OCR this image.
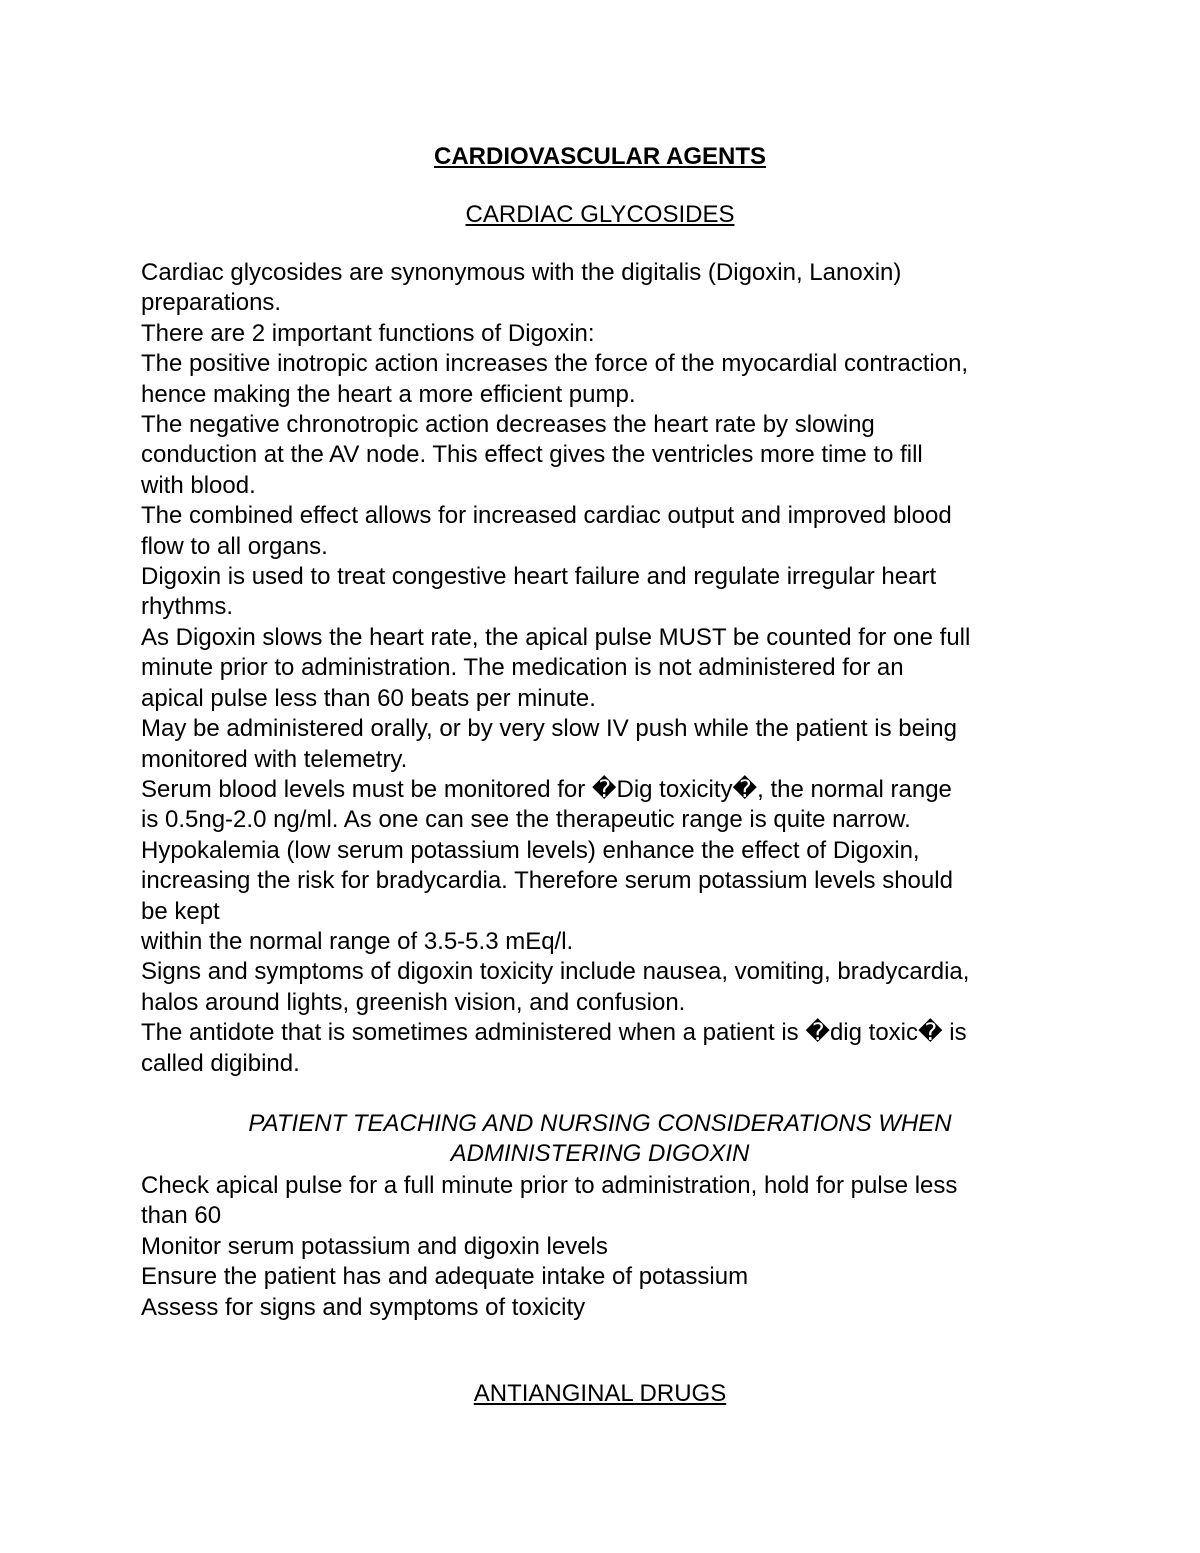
CARDIOVASCULAR AGENTS
CARDIAC GLYCOSIDES
Cardiac glycosides are synonymous with the digitalis (Digoxin, Lanoxin)
preparations.
There are 2 important functions of Digoxin:
The positive inotropic action increases the force of the myocardial contraction,
hence making the heart a more efficient pump.
The negative chronotropic action decreases the heart rate by slowing
conduction at the AV node. This effect gives the ventricles more time to fill
with blood.
The combined effect allows for increased cardiac output and improved blood
flow to all organs.
Digoxin is used to treat congestive heart failure and regulate irregular heart
rhythms.
As Digoxin slows the heart rate, the apical pulse MUST be counted for one full
minute prior to administration. The medication is not administered for an
apical pulse less than 60 beats per minute.
May be administered orally, or by very slow IV push while the patient is being
monitored with telemetry.
Serum blood levels must be monitored for �Dig toxicity�, the normal range
is 0.5ng-2.0 ng/ml. As one can see the therapeutic range is quite narrow.
Hypokalemia (low serum potassium levels) enhance the effect of Digoxin,
increasing the risk for bradycardia. Therefore serum potassium levels should
be kept
within the normal range of 3.5-5.3 mEq/l.
Signs and symptoms of digoxin toxicity include nausea, vomiting, bradycardia,
halos around lights, greenish vision, and confusion.
The antidote that is sometimes administered when a patient is �dig toxic� is
called digibind.
PATIENT TEACHING AND NURSING CONSIDERATIONS WHEN
ADMINISTERING DIGOXIN
Check apical pulse for a full minute prior to administration, hold for pulse less
than 60
Monitor serum potassium and digoxin levels
Ensure the patient has and adequate intake of potassium
Assess for signs and symptoms of toxicity
ANTIANGINAL DRUGS
